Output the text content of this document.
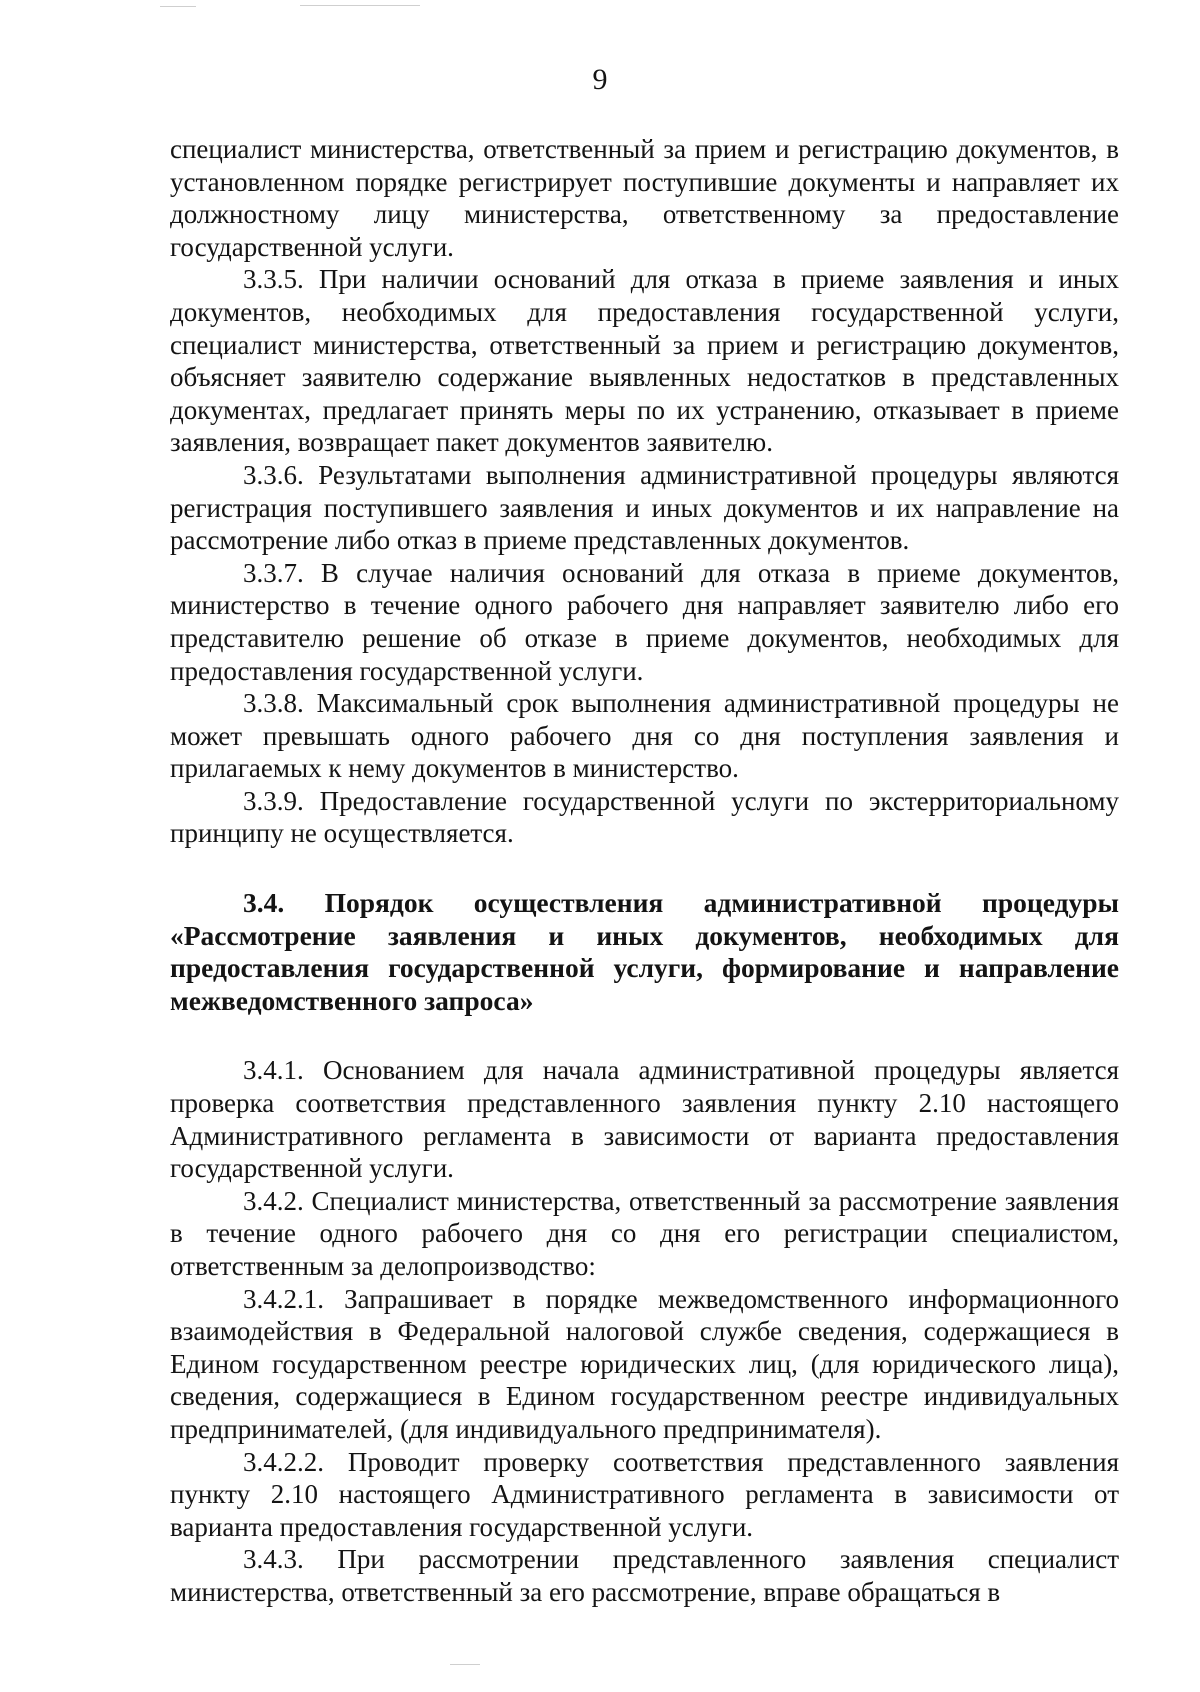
9

специалист министерства, ответственный за прием и регистрацию документов, в установленном порядке регистрирует поступившие документы и направляет их должностному лицу министерства, ответственному за предоставление государственной услуги.

3.3.5. При наличии оснований для отказа в приеме заявления и иных документов, необходимых для предоставления государственной услуги, специалист министерства, ответственный за прием и регистрацию документов, объясняет заявителю содержание выявленных недостатков в представленных документах, предлагает принять меры по их устранению, отказывает в приеме заявления, возвращает пакет документов заявителю.

3.3.6. Результатами выполнения административной процедуры являются регистрация поступившего заявления и иных документов и их направление на рассмотрение либо отказ в приеме представленных документов.

3.3.7. В случае наличия оснований для отказа в приеме документов, министерство в течение одного рабочего дня направляет заявителю либо его представителю решение об отказе в приеме документов, необходимых для предоставления государственной услуги.

3.3.8. Максимальный срок выполнения административной процедуры не может превышать одного рабочего дня со дня поступления заявления и прилагаемых к нему документов в министерство.

3.3.9. Предоставление государственной услуги по экстерриториальному принципу не осуществляется.

3.4. Порядок осуществления административной процедуры «Рассмотрение заявления и иных документов, необходимых для предоставления государственной услуги, формирование и направление межведомственного запроса»

3.4.1. Основанием для начала административной процедуры является проверка соответствия представленного заявления пункту 2.10 настоящего Административного регламента в зависимости от варианта предоставления государственной услуги.

3.4.2. Специалист министерства, ответственный за рассмотрение заявления в течение одного рабочего дня со дня его регистрации специалистом, ответственным за делопроизводство:

3.4.2.1. Запрашивает в порядке межведомственного информационного взаимодействия в Федеральной налоговой службе сведения, содержащиеся в Едином государственном реестре юридических лиц, (для юридического лица), сведения, содержащиеся в Едином государственном реестре индивидуальных предпринимателей, (для индивидуального предпринимателя).

3.4.2.2. Проводит проверку соответствия представленного заявления пункту 2.10 настоящего Административного регламента в зависимости от варианта предоставления государственной услуги.

3.4.3. При рассмотрении представленного заявления специалист министерства, ответственный за его рассмотрение, вправе обращаться в
